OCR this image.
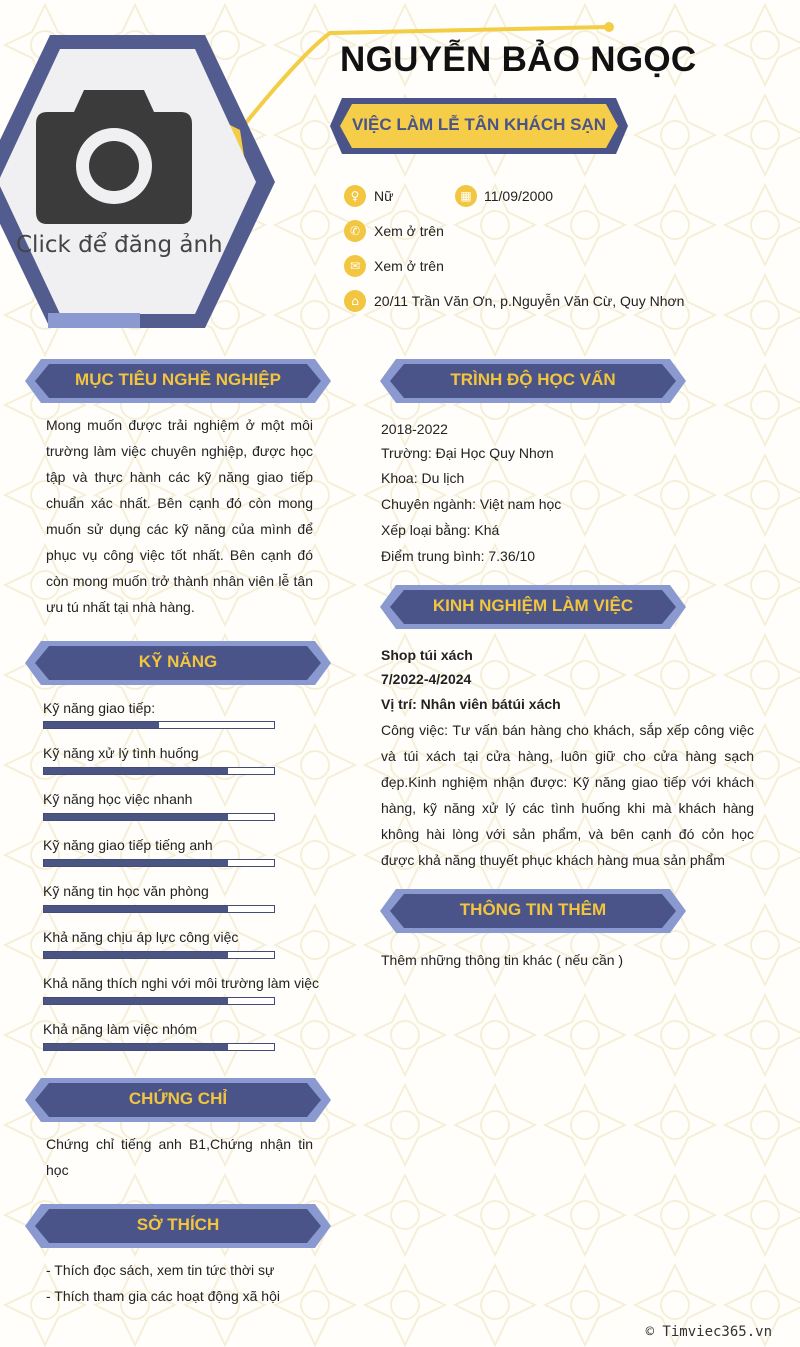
Click để đăng ảnh
NGUYỄN BẢO NGỌC
VIỆC LÀM LỄ TÂN KHÁCH SẠN
♀	Nữ	▦ 11/09/2000
✆ Xem ở trên
✉ Xem ở trên
⌂	20/11 Trần Văn Ơn, p.Nguyễn Văn Cừ, Quy Nhơn
MỤC TIÊU NGHỀ NGHIỆP
Mong muốn được trải nghiệm ở một môi trường làm việc chuyên nghiệp, được học tập và thực hành các kỹ năng giao tiếp chuẩn xác nhất. Bên cạnh đó còn mong muốn sử dụng các kỹ năng của mình để phục vụ công việc tốt nhất. Bên cạnh đó còn mong muốn trở thành nhân viên lễ tân ưu tú nhất tại nhà hàng.
KỸ NĂNG
Kỹ năng giao tiếp:
Kỹ năng xử lý tình huống
Kỹ năng học việc nhanh
Kỹ năng giao tiếp tiếng anh
Kỹ năng tin học văn phòng
Khả năng chịu áp lực công việc
Khả năng thích nghi với môi trường làm việc
Khả năng làm việc nhóm
CHỨNG CHỈ
Chứng chỉ tiếng anh B1,Chứng nhận tin học
SỞ THÍCH
- Thích đọc sách, xem tin tức thời sự
- Thích tham gia các hoạt động xã hội
TRÌNH ĐỘ HỌC VẤN
2018-2022
Trường: Đại Học Quy Nhơn
Khoa: Du lịch
Chuyên ngành: Việt nam học
Xếp loại bằng: Khá
Điểm trung bình: 7.36/10
KINH NGHIỆM LÀM VIỆC
Shop túi xách
7/2022-4/2024
Vị trí: Nhân viên bátúi xách
Công việc: Tư vấn bán hàng cho khách, sắp xếp công việc và túi xách tại cửa hàng, luôn giữ cho cửa hàng sạch đẹp.Kinh nghiệm nhận được: Kỹ năng giao tiếp với khách hàng, kỹ năng xử lý các tình huống khi mà khách hàng không hài lòng với sản phẩm, và bên cạnh đó cỏn học được khả năng thuyết phục khách hàng mua sản phẩm
THÔNG TIN THÊM
Thêm những thông tin khác ( nếu cần )
© Timviec365.vn
